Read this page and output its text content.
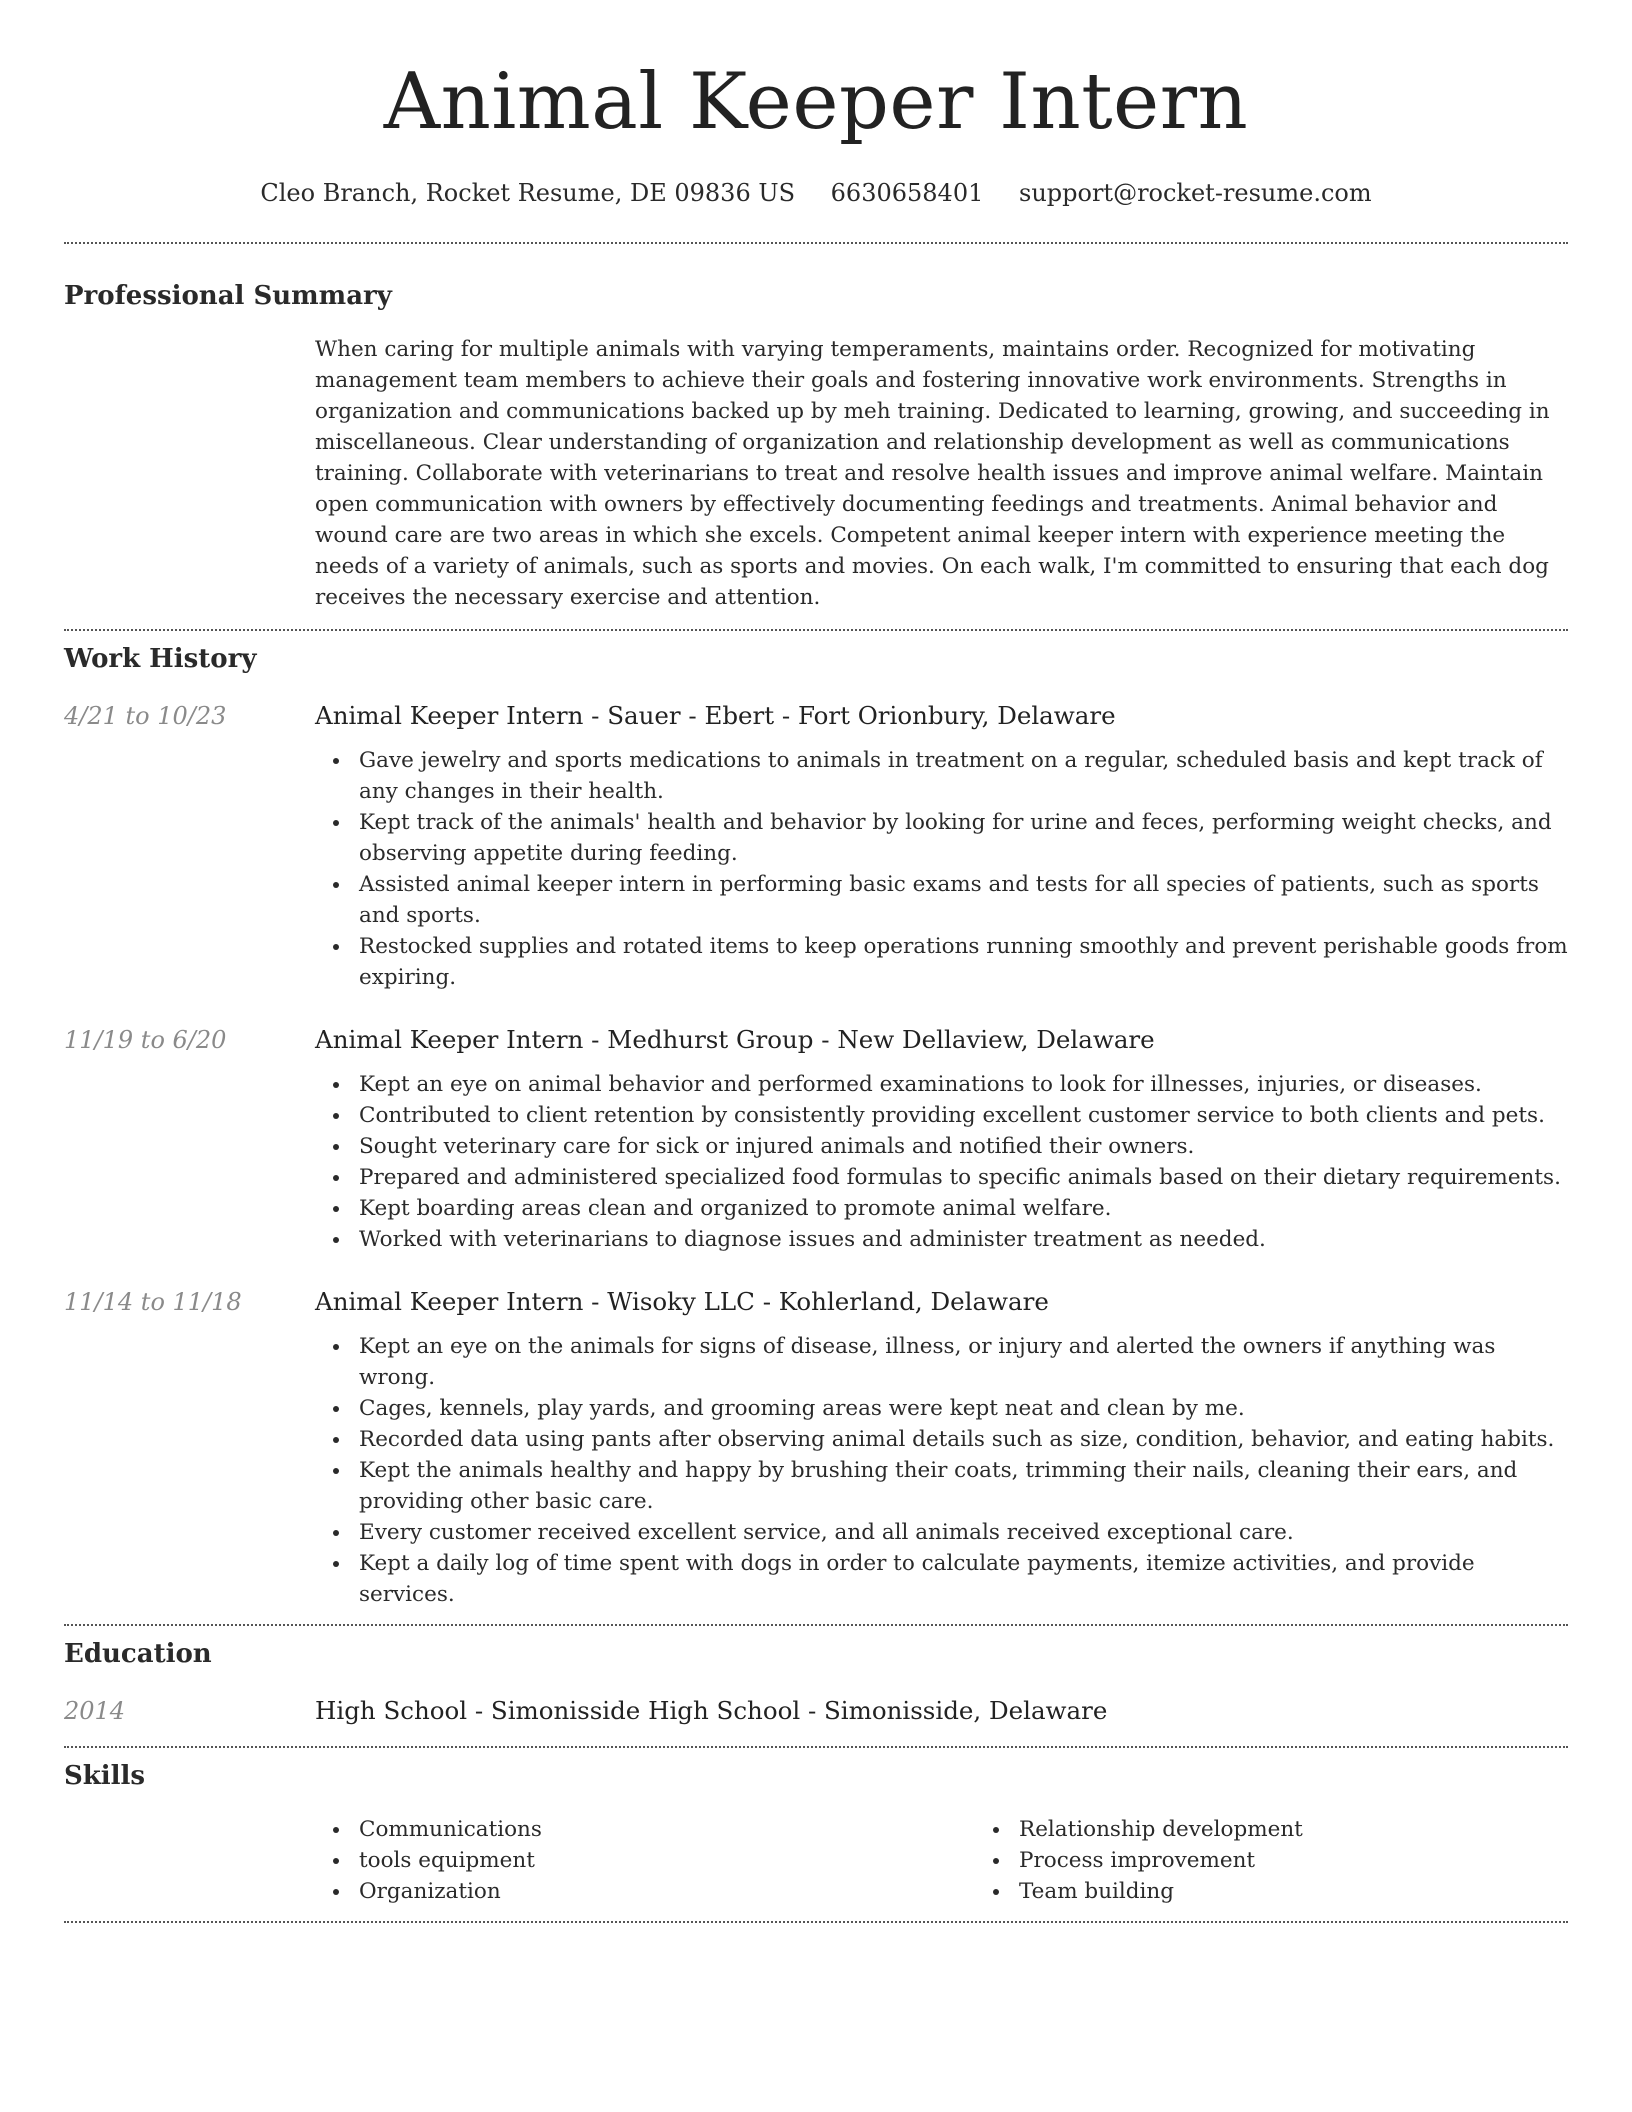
Animal Keeper Intern
Cleo Branch, Rocket Resume, DE 09836 US 6630658401 support@rocket-resume.com
Professional Summary

When caring for multiple animals with varying temperaments, maintains order. Recognized for motivating management team members to achieve their goals and fostering innovative work environments. Strengths in organization and communications backed up by meh training. Dedicated to learning, growing, and succeeding in miscellaneous. Clear understanding of organization and relationship development as well as communications training. Collaborate with veterinarians to treat and resolve health issues and improve animal welfare. Maintain open communication with owners by effectively documenting feedings and treatments. Animal behavior and wound care are two areas in which she excels. Competent animal keeper intern with experience meeting the needs of a variety of animals, such as sports and movies. On each walk, I'm committed to ensuring that each dog receives the necessary exercise and attention.

Work History
4/21 to 10/23	Animal Keeper Intern - Sauer - Ebert - Fort Orionbury, Delaware
Gave jewelry and sports medications to animals in treatment on a regular, scheduled basis and kept track of any changes in their health.
Kept track of the animals' health and behavior by looking for urine and feces, performing weight checks, and observing appetite during feeding.
Assisted animal keeper intern in performing basic exams and tests for all species of patients, such as sports and sports.
Restocked supplies and rotated items to keep operations running smoothly and prevent perishable goods from expiring.
11/19 to 6/20	Animal Keeper Intern - Medhurst Group - New Dellaview, Delaware
Kept an eye on animal behavior and performed examinations to look for illnesses, injuries, or diseases.
Contributed to client retention by consistently providing excellent customer service to both clients and pets.
Sought veterinary care for sick or injured animals and notified their owners.
Prepared and administered specialized food formulas to specific animals based on their dietary requirements.
Kept boarding areas clean and organized to promote animal welfare.
Worked with veterinarians to diagnose issues and administer treatment as needed.
11/14 to 11/18	Animal Keeper Intern - Wisoky LLC - Kohlerland, Delaware
Kept an eye on the animals for signs of disease, illness, or injury and alerted the owners if anything was wrong.
Cages, kennels, play yards, and grooming areas were kept neat and clean by me.
Recorded data using pants after observing animal details such as size, condition, behavior, and eating habits.
Kept the animals healthy and happy by brushing their coats, trimming their nails, cleaning their ears, and providing other basic care.
Every customer received excellent service, and all animals received exceptional care.
Kept a daily log of time spent with dogs in order to calculate payments, itemize activities, and provide services.
Education
2014	High School - Simonisside High School - Simonisside, Delaware
Skills
Communications
tools equipment
Organization
Relationship development
Process improvement
Team building
